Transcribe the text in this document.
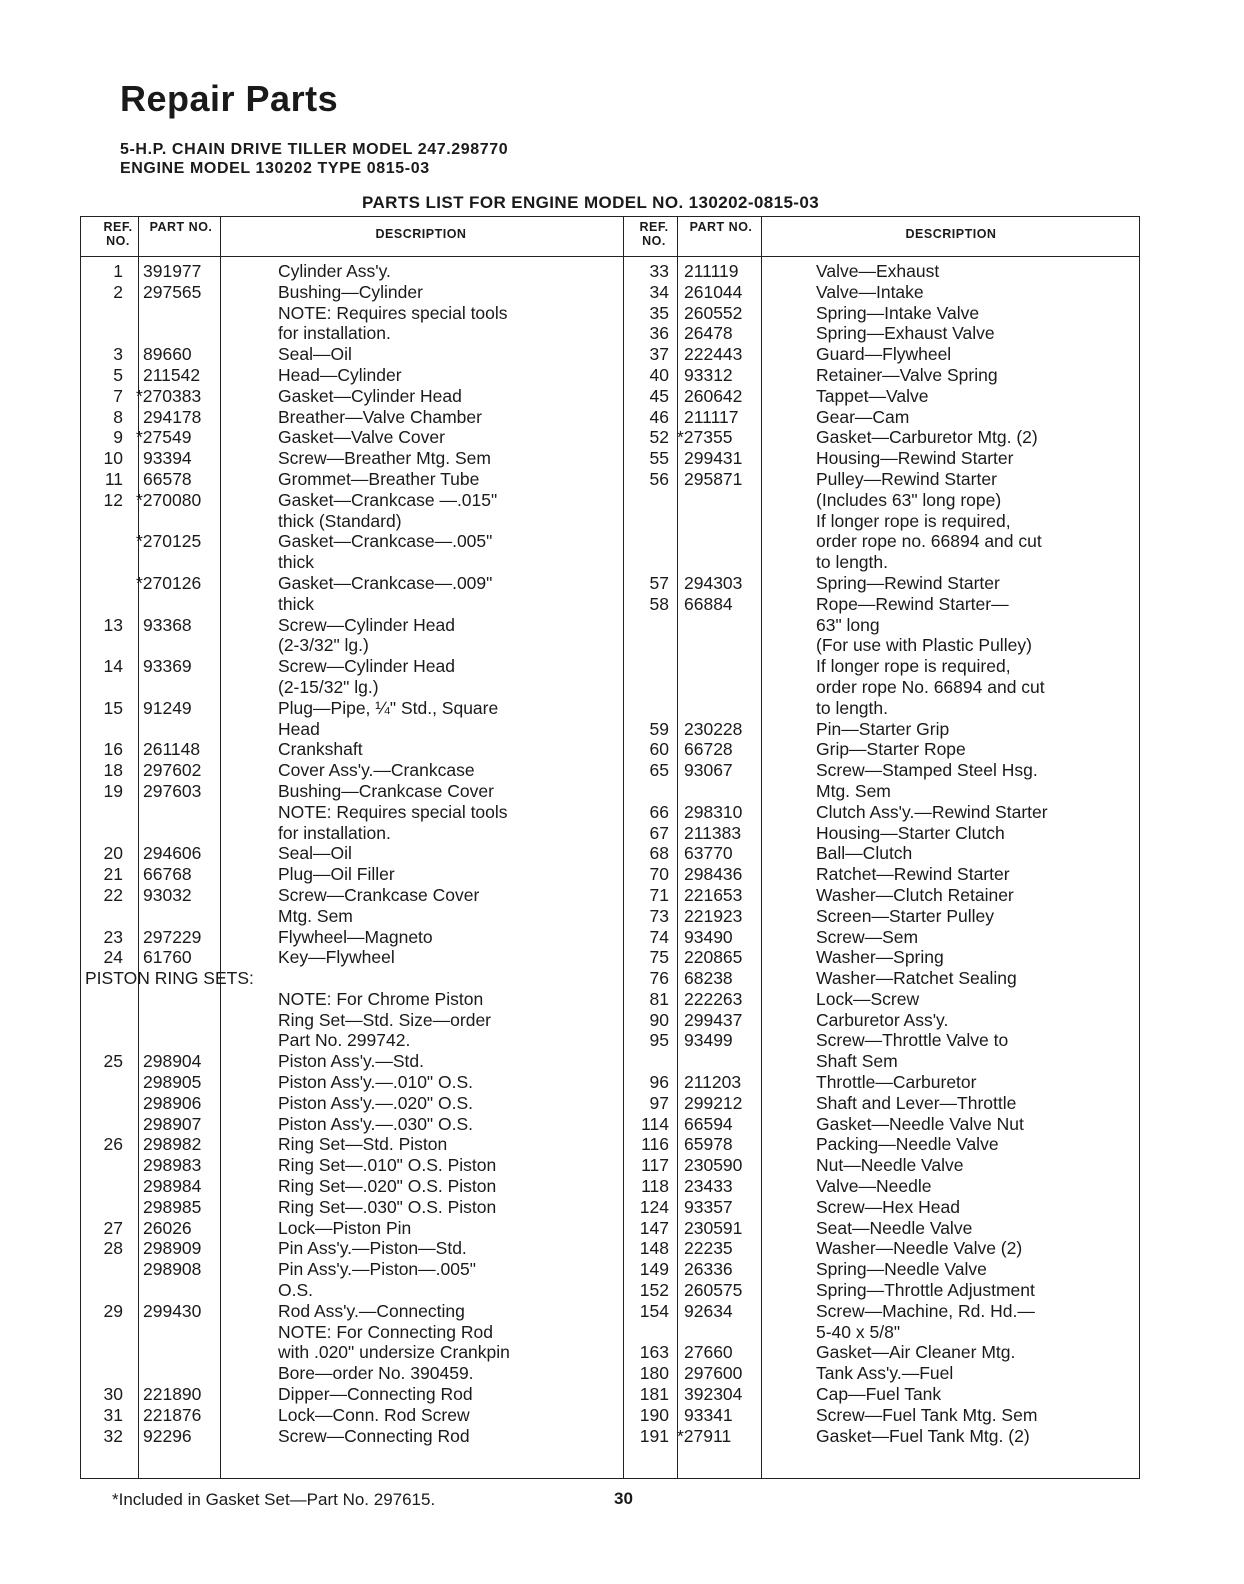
Repair Parts
5-H.P. CHAIN DRIVE TILLER MODEL 247.298770
ENGINE MODEL 130202 TYPE 0815-03
PARTS LIST FOR ENGINE MODEL NO. 130202-0815-03
REF. NO.
PART NO.	DESCRIPTION	REF. NO.
PART NO.	DESCRIPTION
1 391977	Cylinder Ass'y.
2 297565	Bushing—Cylinder
NOTE: Requires special tools
for installation.
3 89660	Seal—Oil
5 211542	Head—Cylinder
7 *270383	Gasket—Cylinder Head
8 294178	Breather—Valve Chamber
9 *27549	Gasket—Valve Cover
10 93394	Screw—Breather Mtg. Sem
11 66578	Grommet—Breather Tube
12 *270080	Gasket—Crankcase —.015"
thick (Standard)
*270125	Gasket—Crankcase—.005"
thick
*270126	Gasket—Crankcase—.009"
thick
13 93368	Screw—Cylinder Head
(2-3/32" lg.)
14 93369	Screw—Cylinder Head
(2-15/32" lg.)
15 91249	Plug—Pipe, ¼" Std., Square
Head
16 261148	Crankshaft
18 297602	Cover Ass'y.—Crankcase
19 297603	Bushing—Crankcase Cover
NOTE: Requires special tools
for installation.
20 294606	Seal—Oil
21 66768	Plug—Oil Filler
22 93032	Screw—Crankcase Cover
Mtg. Sem
23 297229	Flywheel—Magneto
24 61760	Key—Flywheel
PISTON RING SETS:
NOTE: For Chrome Piston
Ring Set—Std. Size—order
Part No. 299742.
25 298904	Piston Ass'y.—Std.
298905	Piston Ass'y.—.010" O.S.
298906	Piston Ass'y.—.020" O.S.
298907	Piston Ass'y.—.030" O.S.
26 298982	Ring Set—Std. Piston
298983	Ring Set—.010" O.S. Piston
298984	Ring Set—.020" O.S. Piston
298985	Ring Set—.030" O.S. Piston
27 26026	Lock—Piston Pin
28 298909	Pin Ass'y.—Piston—Std.
298908	Pin Ass'y.—Piston—.005"
O.S.
29 299430	Rod Ass'y.—Connecting
NOTE: For Connecting Rod
with .020" undersize Crankpin
Bore—order No. 390459.
30 221890	Dipper—Connecting Rod
31 221876	Lock—Conn. Rod Screw
32 92296	Screw—Connecting Rod
33 211119	Valve—Exhaust
34 261044	Valve—Intake
35 260552	Spring—Intake Valve
36 26478	Spring—Exhaust Valve
37 222443	Guard—Flywheel
40 93312	Retainer—Valve Spring
45 260642	Tappet—Valve
46 211117	Gear—Cam
52 *27355	Gasket—Carburetor Mtg. (2)
55 299431	Housing—Rewind Starter
56 295871	Pulley—Rewind Starter
(Includes 63" long rope)
If longer rope is required,
order rope no. 66894 and cut
to length.
57 294303	Spring—Rewind Starter
58 66884	Rope—Rewind Starter—
63" long
(For use with Plastic Pulley)
If longer rope is required,
order rope No. 66894 and cut
to length.
59 230228	Pin—Starter Grip
60 66728	Grip—Starter Rope
65 93067	Screw—Stamped Steel Hsg.
Mtg. Sem
66 298310	Clutch Ass'y.—Rewind Starter
67 211383	Housing—Starter Clutch
68 63770	Ball—Clutch
70 298436	Ratchet—Rewind Starter
71 221653	Washer—Clutch Retainer
73 221923	Screen—Starter Pulley
74 93490	Screw—Sem
75 220865	Washer—Spring
76 68238	Washer—Ratchet Sealing
81 222263	Lock—Screw
90 299437	Carburetor Ass'y.
95 93499	Screw—Throttle Valve to
Shaft Sem
96 211203	Throttle—Carburetor
97 299212	Shaft and Lever—Throttle
114 66594	Gasket—Needle Valve Nut
116 65978	Packing—Needle Valve
117 230590	Nut—Needle Valve
118 23433	Valve—Needle
124 93357	Screw—Hex Head
147 230591	Seat—Needle Valve
148 22235	Washer—Needle Valve (2)
149 26336	Spring—Needle Valve
152 260575	Spring—Throttle Adjustment
154 92634	Screw—Machine, Rd. Hd.—
5-40 x 5/8"
163 27660	Gasket—Air Cleaner Mtg.
180 297600	Tank Ass'y.—Fuel
181 392304	Cap—Fuel Tank
190 93341	Screw—Fuel Tank Mtg. Sem
191 *27911	Gasket—Fuel Tank Mtg. (2)
*Included in Gasket Set—Part No. 297615.	30
